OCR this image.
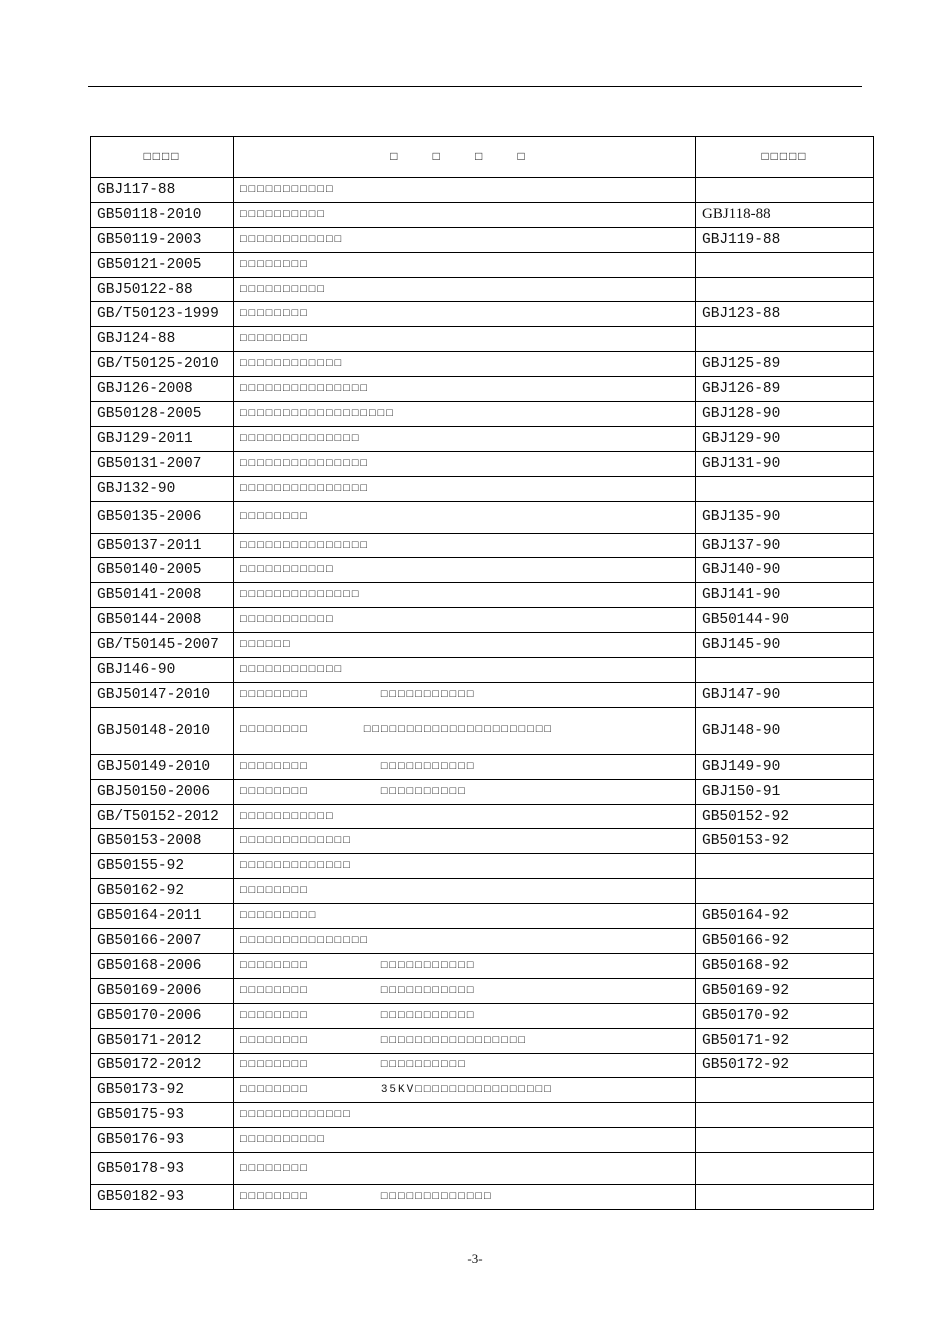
□□□□	□ □ □ □	□□□□□
GBJ117-88	□□□□□□□□□□□	
GB50118-2010	□□□□□□□□□□	GBJ118-88
GB50119-2003	□□□□□□□□□□□□	GBJ119-88
GB50121-2005	□□□□□□□□	
GBJ50122-88	□□□□□□□□□□	
GB/T50123-1999	□□□□□□□□	GBJ123-88
GBJ124-88	□□□□□□□□	
GB/T50125-2010	□□□□□□□□□□□□	GBJ125-89
GBJ126-2008	□□□□□□□□□□□□□□□	GBJ126-89
GB50128-2005	□□□□□□□□□□□□□□□□□□	GBJ128-90
GBJ129-2011	□□□□□□□□□□□□□□	GBJ129-90
GB50131-2007	□□□□□□□□□□□□□□□	GBJ131-90
GBJ132-90	□□□□□□□□□□□□□□□	
GB50135-2006	□□□□□□□□	GBJ135-90
GB50137-2011	□□□□□□□□□□□□□□□	GBJ137-90
GB50140-2005	□□□□□□□□□□□	GBJ140-90
GB50141-2008	□□□□□□□□□□□□□□	GBJ141-90
GB50144-2008	□□□□□□□□□□□	GB50144-90
GB/T50145-2007	□□□□□□	GBJ145-90
GBJ146-90	□□□□□□□□□□□□	
GBJ50147-2010	□□□□□□□□ □□□□□□□□□□□	GBJ147-90
GBJ50148-2010	□□□□□□□□ □□□□□□□□□□□□□□□□□□□□□□	GBJ148-90
GBJ50149-2010	□□□□□□□□ □□□□□□□□□□□	GBJ149-90
GBJ50150-2006	□□□□□□□□ □□□□□□□□□□	GBJ150-91
GB/T50152-2012	□□□□□□□□□□□	GB50152-92
GB50153-2008	□□□□□□□□□□□□□	GB50153-92
GB50155-92	□□□□□□□□□□□□□	
GB50162-92	□□□□□□□□	
GB50164-2011	□□□□□□□□□	GB50164-92
GB50166-2007	□□□□□□□□□□□□□□□	GB50166-92
GB50168-2006	□□□□□□□□ □□□□□□□□□□□	GB50168-92
GB50169-2006	□□□□□□□□ □□□□□□□□□□□	GB50169-92
GB50170-2006	□□□□□□□□ □□□□□□□□□□□	GB50170-92
GB50171-2012	□□□□□□□□ □□□□□□□□□□□□□□□□□	GB50171-92
GB50172-2012	□□□□□□□□ □□□□□□□□□□	GB50172-92
GB50173-92	□□□□□□□□ 35KV□□□□□□□□□□□□□□□□	
GB50175-93	□□□□□□□□□□□□□	
GB50176-93	□□□□□□□□□□	
GB50178-93	□□□□□□□□	
GB50182-93	□□□□□□□□ □□□□□□□□□□□□□	
-3-
